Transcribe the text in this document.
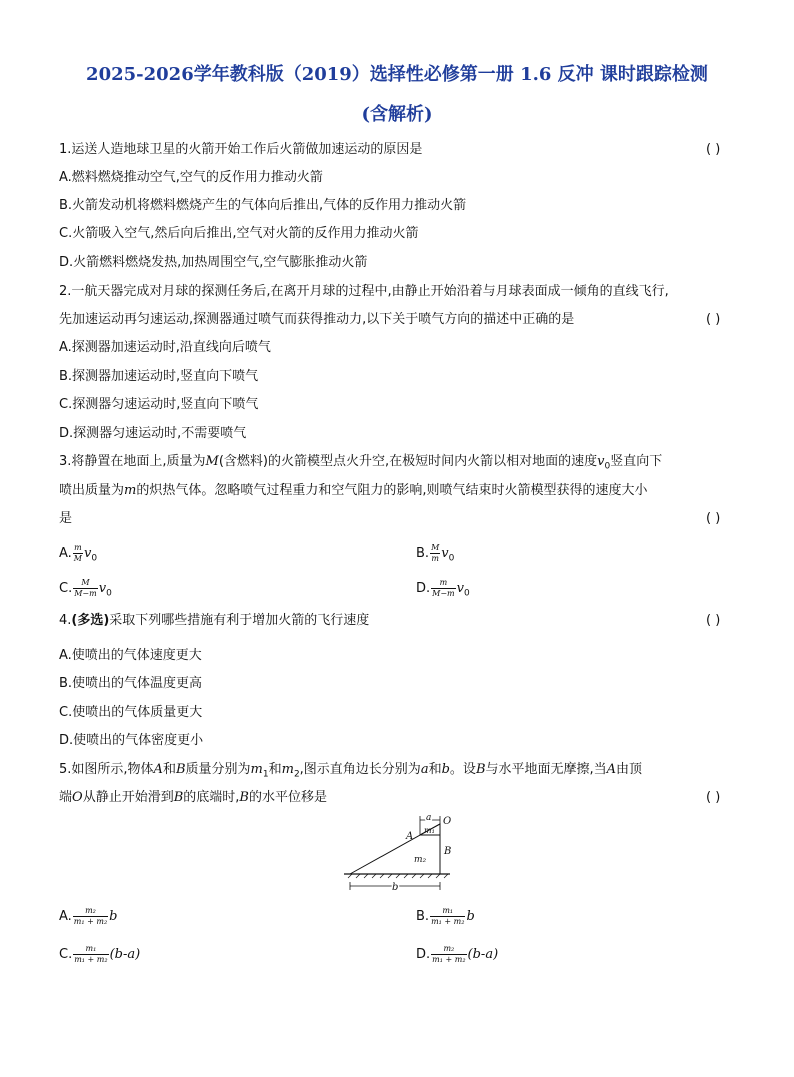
2025-2026学年教科版（2019）选择性必修第一册 1.6 反冲 课时跟踪检测
(含解析)
1.运送人造地球卫星的火箭开始工作后火箭做加速运动的原因是	( )
A.燃料燃烧推动空气,空气的反作用力推动火箭
B.火箭发动机将燃料燃烧产生的气体向后推出,气体的反作用力推动火箭
C.火箭吸入空气,然后向后推出,空气对火箭的反作用力推动火箭
D.火箭燃料燃烧发热,加热周围空气,空气膨胀推动火箭
2.一航天器完成对月球的探测任务后,在离开月球的过程中,由静止开始沿着与月球表面成一倾角的直线飞行,
先加速运动再匀速运动,探测器通过喷气而获得推动力,以下关于喷气方向的描述中正确的是	( )
A.探测器加速运动时,沿直线向后喷气
B.探测器加速运动时,竖直向下喷气
C.探测器匀速运动时,竖直向下喷气
D.探测器匀速运动时,不需要喷气
3.将静置在地面上,质量为M(含燃料)的火箭模型点火升空,在极短时间内火箭以相对地面的速度$v_0$竖直向下
喷出质量为m的炽热气体。忽略喷气过程重力和空气阻力的影响,则喷气结束时火箭模型获得的速度大小
是	( )
A. $\frac{m}{M} v_0$	B. $\frac{M}{m} v_0$
C. $\frac{M}{M-m} v_0$	D. $\frac{m}{M-m} v_0$
4.(多选)采取下列哪些措施有利于增加火箭的飞行速度	( )
A.使喷出的气体速度更大
B.使喷出的气体温度更高
C.使喷出的气体质量更大
D.使喷出的气体密度更小
5.如图所示,物体A和B质量分别为$m_1$和$m_2$,图示直角边长分别为a和b。设B与水平地面无摩擦,当A由顶
端O从静止开始滑到B的底端时,B的水平位移是	( )
a O
A
m₁
m₂
B
b
A. $\frac{\text{m₂}}{\text{m₁ + m₂}}$ b	B. $\frac{\text{m₁}}{\text{m₁ + m₂}}$ b
C. $\frac{\text{m₁}}{\text{m₁ + m₂}} (b-a)$	D. $\frac{\text{m₂}}{\text{m₁ + m₂}} (b-a)$
